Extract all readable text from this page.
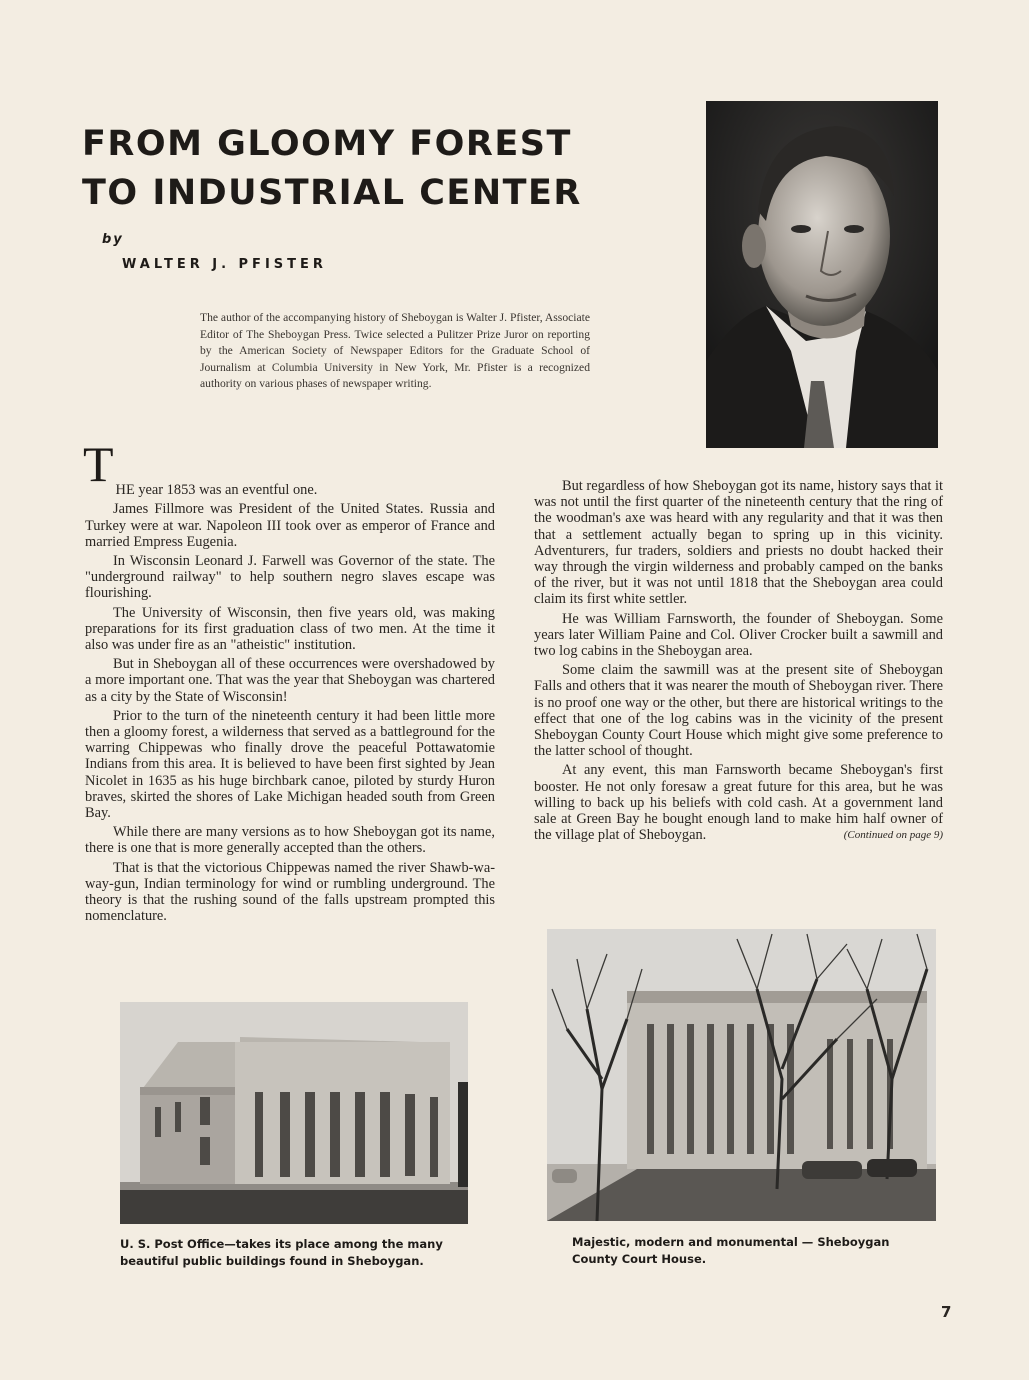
FROM GLOOMY FOREST
TO INDUSTRIAL CENTER
by
WALTER J. PFISTER
The author of the accompanying history of Sheboygan is Walter J. Pfister, Associate Editor of The Sheboygan Press. Twice selected a Pulitzer Prize Juror on reporting by the American Society of Newspaper Editors for the Graduate School of Journalism at Columbia University in New York, Mr. Pfister is a recognized authority on various phases of newspaper writing.

THE year 1853 was an eventful one.

James Fillmore was President of the United States. Russia and Turkey were at war. Napoleon III took over as emperor of France and married Empress Eugenia.

In Wisconsin Leonard J. Farwell was Governor of the state. The "underground railway" to help southern negro slaves escape was flourishing.

The University of Wisconsin, then five years old, was making preparations for its first graduation class of two men. At the time it also was under fire as an "atheistic" institution.

But in Sheboygan all of these occurrences were overshadowed by a more important one. That was the year that Sheboygan was chartered as a city by the State of Wisconsin!

Prior to the turn of the nineteenth century it had been little more then a gloomy forest, a wilderness that served as a battleground for the warring Chippewas who finally drove the peaceful Pottawatomie Indians from this area. It is believed to have been first sighted by Jean Nicolet in 1635 as his huge birchbark canoe, piloted by sturdy Huron braves, skirted the shores of Lake Michigan headed south from Green Bay.

While there are many versions as to how Sheboygan got its name, there is one that is more generally accepted than the others.

That is that the victorious Chippewas named the river Shawb-wa-way-gun, Indian terminology for wind or rumbling underground. The theory is that the rushing sound of the falls upstream prompted this nomenclature.

But regardless of how Sheboygan got its name, history says that it was not until the first quarter of the nineteenth century that the ring of the woodman's axe was heard with any regularity and that it was then that a settlement actually began to spring up in this vicinity. Adventurers, fur traders, soldiers and priests no doubt hacked their way through the virgin wilderness and probably camped on the banks of the river, but it was not until 1818 that the Sheboygan area could claim its first white settler.

He was William Farnsworth, the founder of Sheboygan. Some years later William Paine and Col. Oliver Crocker built a sawmill and two log cabins in the Sheboygan area.

Some claim the sawmill was at the present site of Sheboygan Falls and others that it was nearer the mouth of Sheboygan river. There is no proof one way or the other, but there are historical writings to the effect that one of the log cabins was in the vicinity of the present Sheboygan County Court House which might give some preference to the latter school of thought.

At any event, this man Farnsworth became Sheboygan's first booster. He not only foresaw a great future for this area, but he was willing to back up his beliefs with cold cash. At a government land sale at Green Bay he bought enough land to make him half owner of the village plat of Sheboygan.	(Continued on page 9)

U. S. Post Office—takes its place among the many beautiful public buildings found in Sheboygan.
Majestic, modern and monumental — Sheboygan County Court House.
7
